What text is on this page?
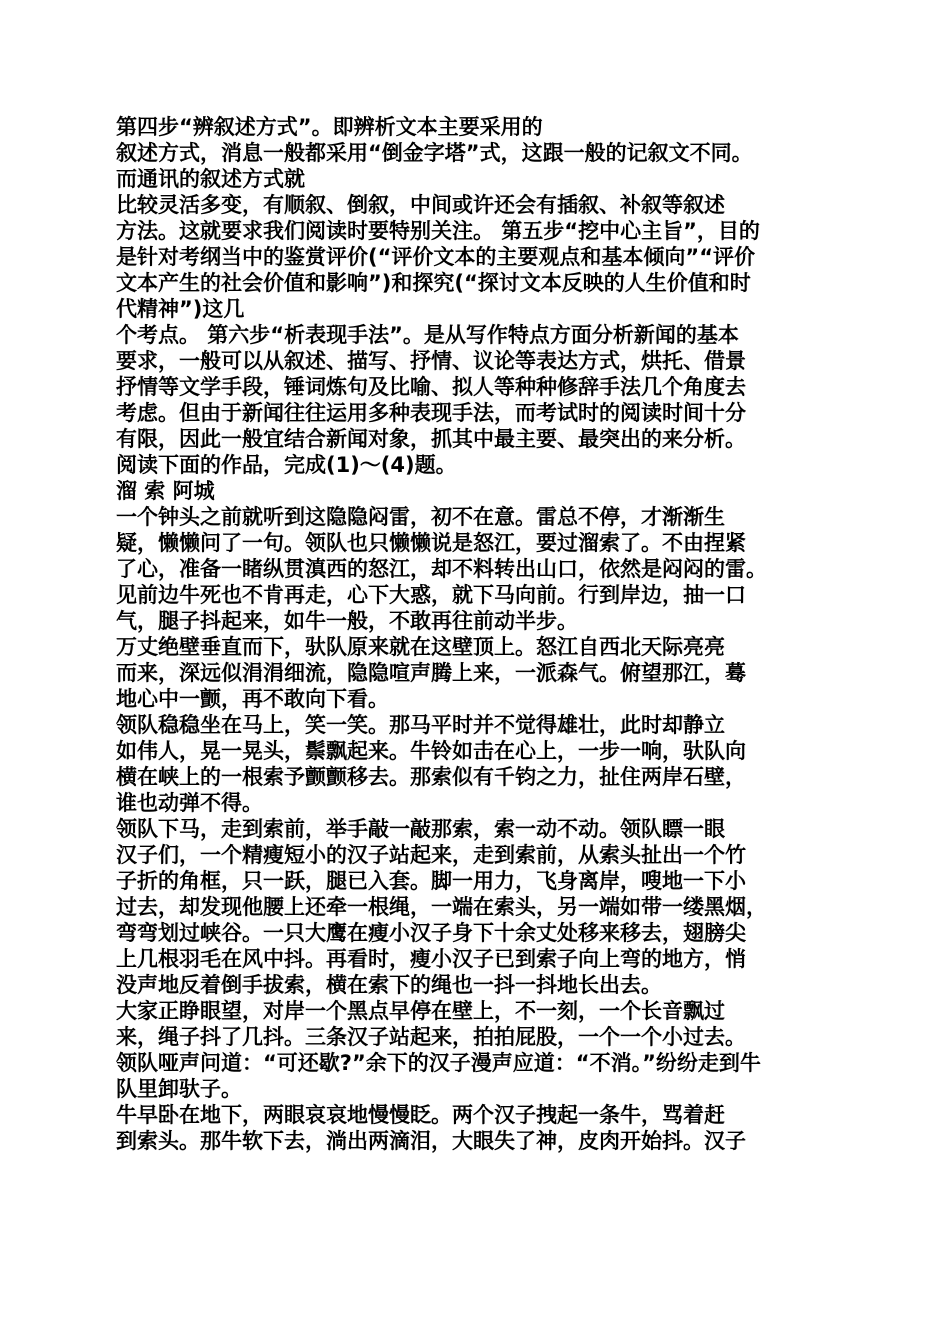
第四步“辨叙述方式”。即辨析文本主要采用的
叙述方式，消息一般都采用“倒金字塔”式，这跟一般的记叙文不同。
而通讯的叙述方式就
比较灵活多变，有顺叙、倒叙，中间或许还会有插叙、补叙等叙述
方法。这就要求我们阅读时要特别关注。 第五步“挖中心主旨”，目的
是针对考纲当中的鉴赏评价(“评价文本的主要观点和基本倾向”“评价
文本产生的社会价值和影响”)和探究(“探讨文本反映的人生价值和时
代精神”)这几
个考点。 第六步“析表现手法”。是从写作特点方面分析新闻的基本
要求，一般可以从叙述、描写、抒情、议论等表达方式，烘托、借景
抒情等文学手段，锤词炼句及比喻、拟人等种种修辞手法几个角度去
考虑。但由于新闻往往运用多种表现手法，而考试时的阅读时间十分
有限，因此一般宜结合新闻对象，抓其中最主要、最突出的来分析。
阅读下面的作品，完成(1)～(4)题。
溜 索 阿城
一个钟头之前就听到这隐隐闷雷，初不在意。雷总不停，才渐渐生
疑，懒懒问了一句。领队也只懒懒说是怒江，要过溜索了。不由捏紧
了心，准备一睹纵贯滇西的怒江，却不料转出山口，依然是闷闷的雷。
见前边牛死也不肯再走，心下大惑，就下马向前。行到岸边，抽一口
气，腿子抖起来，如牛一般，不敢再往前动半步。
万丈绝壁垂直而下，驮队原来就在这壁顶上。怒江自西北天际亮亮
而来，深远似涓涓细流，隐隐喧声腾上来，一派森气。俯望那江，蓦
地心中一颤，再不敢向下看。
领队稳稳坐在马上，笑一笑。那马平时并不觉得雄壮，此时却静立
如伟人，晃一晃头，鬃飘起来。牛铃如击在心上，一步一响，驮队向
横在峡上的一根索予颤颤移去。那索似有千钧之力，扯住两岸石壁，
谁也动弹不得。
领队下马，走到索前，举手敲一敲那索，索一动不动。领队瞟一眼
汉子们，一个精瘦短小的汉子站起来，走到索前，从索头扯出一个竹
子折的角框，只一跃，腿已入套。脚一用力，飞身离岸，嗖地一下小
过去，却发现他腰上还牵一根绳，一端在索头，另一端如带一缕黑烟，
弯弯划过峡谷。一只大鹰在瘦小汉子身下十余丈处移来移去，翅膀尖
上几根羽毛在风中抖。再看时，瘦小汉子已到索子向上弯的地方，悄
没声地反着倒手拔索，横在索下的绳也一抖一抖地长出去。
大家正睁眼望，对岸一个黑点早停在壁上，不一刻，一个长音飘过
来，绳子抖了几抖。三条汉子站起来，拍拍屁股，一个一个小过去。
领队哑声问道：“可还歇?”余下的汉子漫声应道：“不消。”纷纷走到牛
队里卸驮子。
牛早卧在地下，两眼哀哀地慢慢眨。两个汉子拽起一条牛，骂着赶
到索头。那牛软下去，淌出两滴泪，大眼失了神，皮肉开始抖。汉子
